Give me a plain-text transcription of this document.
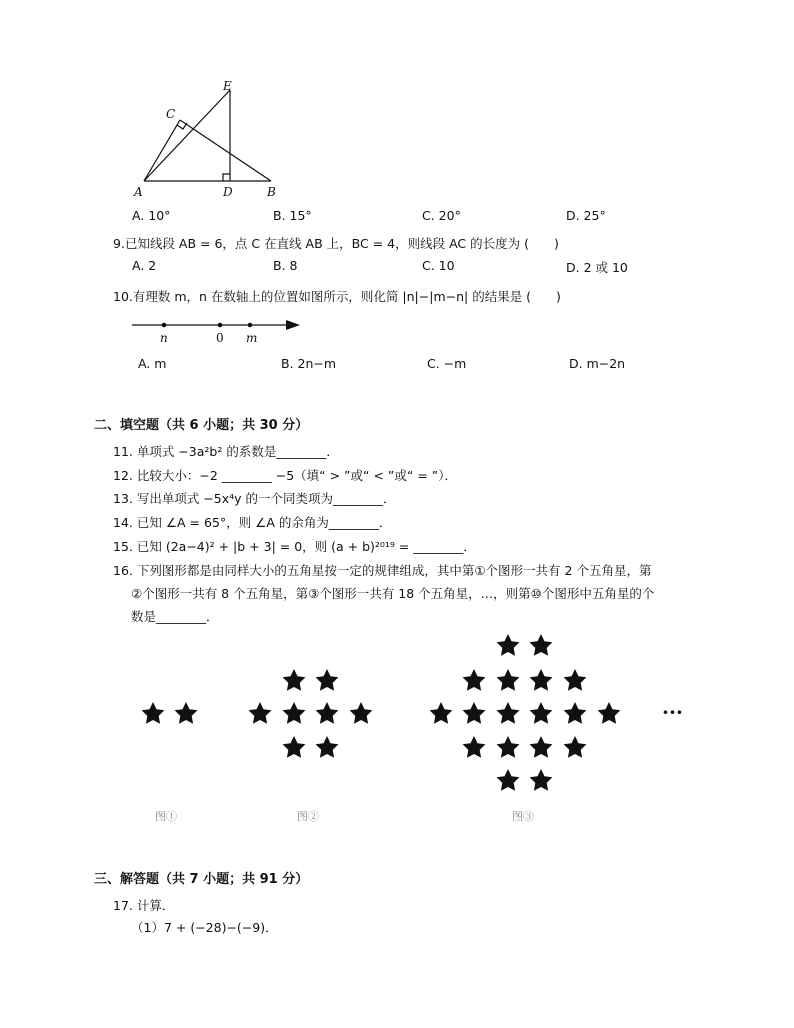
A	B
C
D
E
A. 10°	B. 15°	C. 20°	D. 25°
9.已知线段 AB = 6，点 C 在直线 AB 上，BC = 4，则线段 AC 的长度为 (　　)
A. 2	B. 8	C. 10	D. 2 或 10
10.有理数 m，n 在数轴上的位置如图所示，则化简 |n|−|m−n| 的结果是 (　　)
n	0 m
A. m	B. 2n−m	C. −m	D. m−2n
二、填空题（共 6 小题；共 30 分）
11. 单项式 −3a²b² 的系数是________．
12. 比较大小：−2 ________ −5（填“ > ”或“ < ”或“ = ”）．
13. 写出单项式 −5x⁴y 的一个同类项为________．
14. 已知 ∠A = 65°，则 ∠A 的余角为________．
15. 已知 (2a−4)² + |b + 3| = 0，则 (a + b)²⁰¹⁹ = ________．
16. 下列图形都是由同样大小的五角星按一定的规律组成，其中第①个图形一共有 2 个五角星，第
②个图形一共有 8 个五角星，第③个图形一共有 18 个五角星，…，则第⑩个图形中五角星的个
数是________．
图①	图②	图③
···
三、解答题（共 7 小题；共 91 分）
17. 计算．
（1）7 + (−28)−(−9)．
